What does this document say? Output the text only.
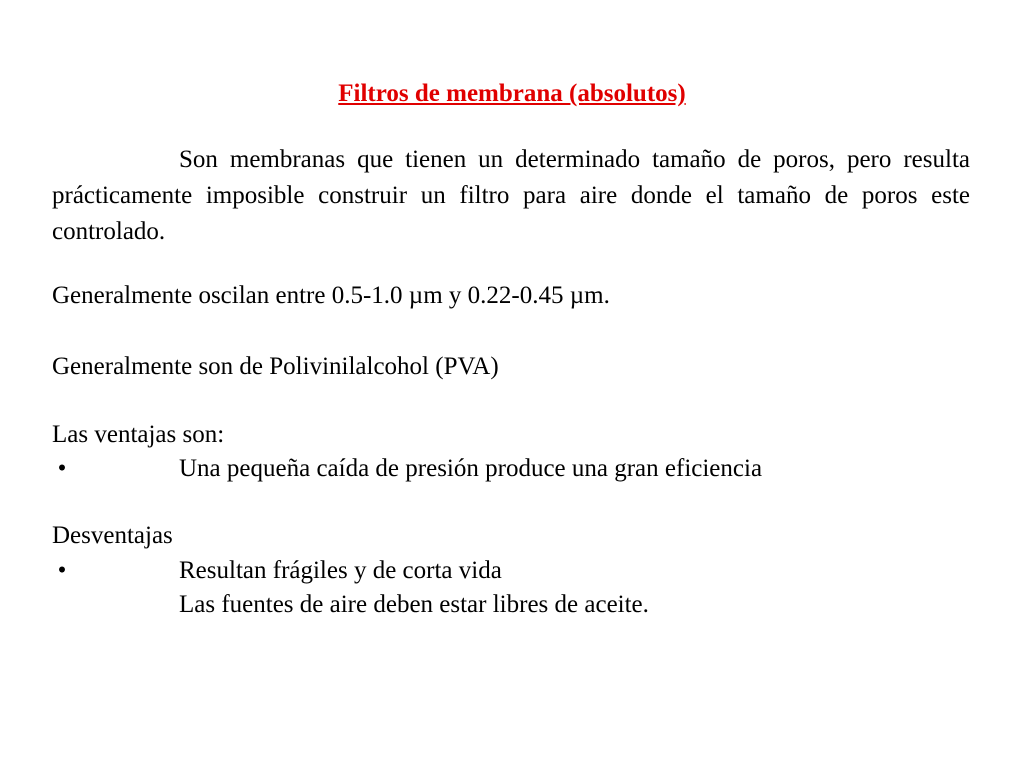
Filtros de membrana (absolutos)

Son membranas que tienen un determinado tamaño de poros, pero resulta prácticamente imposible construir un filtro para aire donde el tamaño de poros este controlado.

Generalmente oscilan entre 0.5-1.0 µm y 0.22-0.45 µm.
Generalmente son de Polivinilalcohol (PVA)
Las ventajas son:
•	Una pequeña caída de presión produce una gran eficiencia
Desventajas
•	Resultan frágiles y de corta vida
Las fuentes de aire deben estar libres de aceite.
